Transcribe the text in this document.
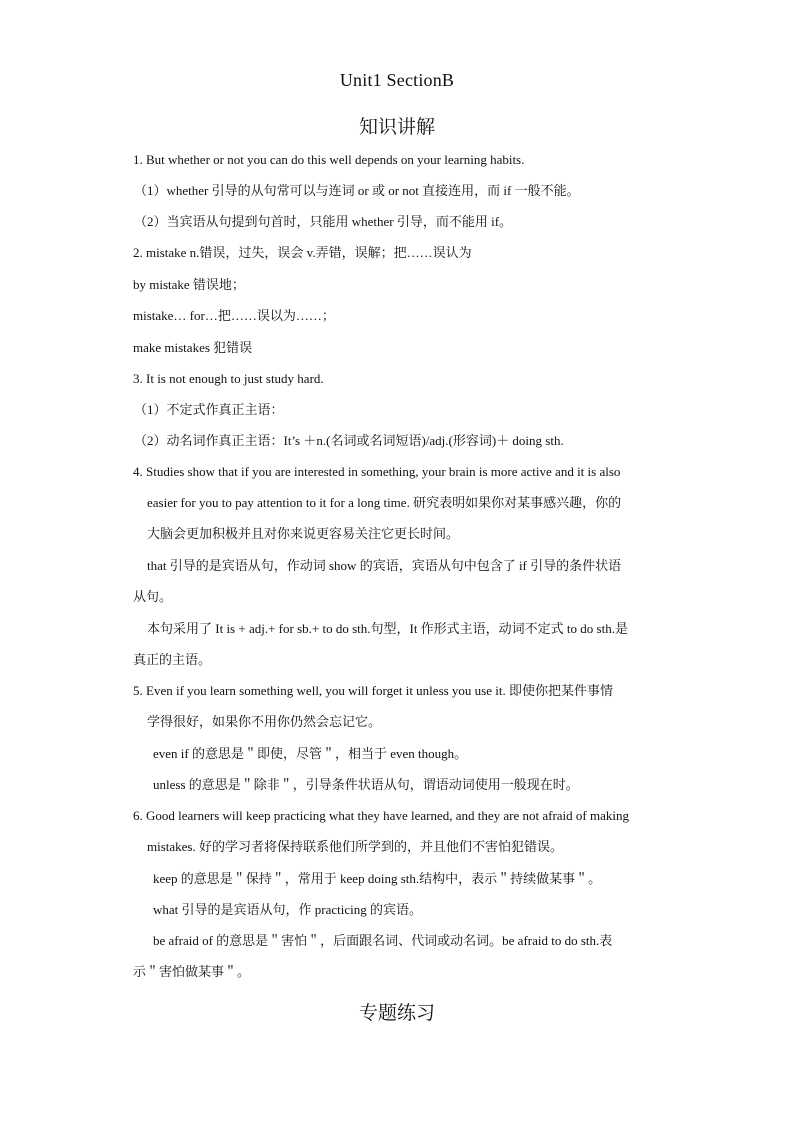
Unit1 SectionB
知识讲解
1. But whether or not you can do this well depends on your learning habits.
（1）whether 引导的从句常可以与连词 or 或 or not 直接连用，而 if 一般不能。
（2）当宾语从句提到句首时，只能用 whether 引导，而不能用 if。
2. mistake n.错误，过失，误会 v.弄错，误解；把……误认为
by mistake 错误地；
mistake… for…把……误以为……；
make mistakes 犯错误
3. It is not enough to just study hard.
（1）不定式作真正主语：
（2）动名词作真正主语：It’s ＋n.(名词或名词短语)/adj.(形容词)＋ doing sth.
4. Studies show that if you are interested in something, your brain is more active and it is also
easier for you to pay attention to it for a long time. 研究表明如果你对某事感兴趣，你的
大脑会更加积极并且对你来说更容易关注它更长时间。
that 引导的是宾语从句，作动词 show 的宾语，宾语从句中包含了 if 引导的条件状语
从句。
本句采用了 It is + adj.+ for sb.+ to do sth.句型，It 作形式主语，动词不定式 to do sth.是
真正的主语。
5. Even if you learn something well, you will forget it unless you use it. 即使你把某件事情
学得很好，如果你不用你仍然会忘记它。
even if 的意思是＂即使，尽管＂，相当于 even though。
unless 的意思是＂除非＂，引导条件状语从句，谓语动词使用一般现在时。
6. Good learners will keep practicing what they have learned, and they are not afraid of making
mistakes. 好的学习者将保持联系他们所学到的，并且他们不害怕犯错误。
keep 的意思是＂保持＂，常用于 keep doing sth.结构中，表示＂持续做某事＂。
what 引导的是宾语从句，作 practicing 的宾语。
be afraid of 的意思是＂害怕＂，后面跟名词、代词或动名词。be afraid to do sth.表
示＂害怕做某事＂。
专题练习
